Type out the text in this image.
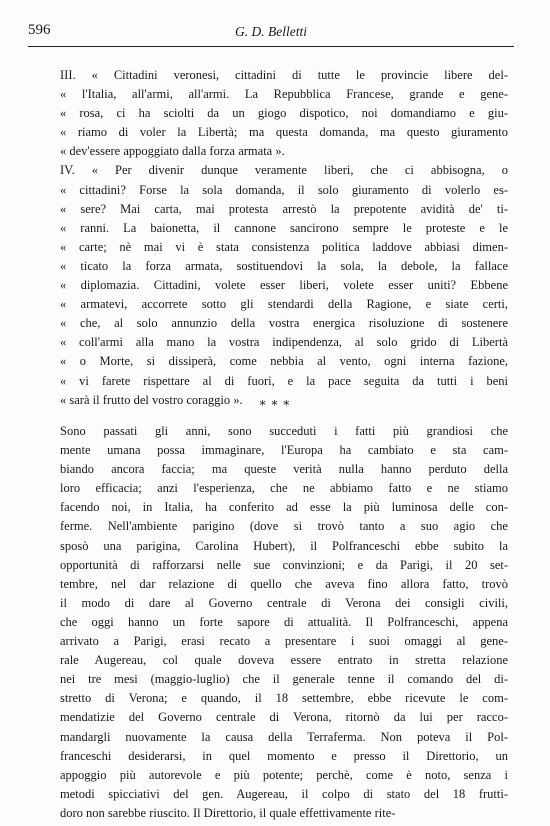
596	G. D. Belletti
III. « Cittadini veronesi, cittadini di tutte le provincie libere del-
« l'Italia, all'armi, all'armi. La Repubblica Francese, grande e gene-
« rosa, ci ha sciolti da un giogo dispotico, noi domandiamo e giu-
« riamo di voler la Libertà; ma questa domanda, ma questo giuramento
« dev'essere appoggiato dalla forza armata ».
IV. « Per divenir dunque veramente liberi, che ci abbisogna, o
« cittadini? Forse la sola domanda, il solo giuramento di volerlo es-
« sere? Mai carta, mai protesta arrestò la prepotente avidità de' ti-
« ranni. La baionetta, il cannone sancirono sempre le proteste e le
« carte; nè mai vi è stata consistenza politica laddove abbiasi dimen-
« ticato la forza armata, sostituendovi la sola, la debole, la fallace
« diplomazia. Cittadini, volete esser liberi, volete esser uniti? Ebbene
« armatevi, accorrete sotto gli stendardi della Ragione, e siate certi,
« che, al solo annunzio della vostra energica risoluzione di sostenere
« coll'armi alla mano la vostra indipendenza, al solo grido di Libertà
« o Morte, si dissiperà, come nebbia al vento, ogni interna fazione,
« vi farete rispettare al di fuori, e la pace seguita da tutti i beni
« sarà il frutto del vostro coraggio ».	* * *
Sono passati gli anni, sono succeduti i fatti più grandiosi che
mente umana possa immaginare, l'Europa ha cambiato e sta cam-
biando ancora faccia; ma queste verità nulla hanno perduto della
loro efficacia; anzi l'esperienza, che ne abbiamo fatto e ne stiamo
facendo noi, in Italia, ha conferito ad esse la più luminosa delle con-
ferme. Nell'ambiente parigino (dove si trovò tanto a suo agio che
sposò una parigina, Carolina Hubert), il Polfranceschi ebbe subito la
opportunità di rafforzarsi nelle sue convinzioni; e da Parigi, il 20 set-
tembre, nel dar relazione di quello che aveva fino allora fatto, trovò
il modo di dare al Governo centrale di Verona dei consigli civili,
che oggi hanno un forte sapore di attualità. Il Polfranceschi, appena
arrivato a Parigi, erasi recato a presentare i suoi omaggi al gene-
rale Augereau, col quale doveva essere entrato in stretta relazione
nei tre mesi (maggio-luglio) che il generale tenne il comando del di-
stretto di Verona; e quando, il 18 settembre, ebbe ricevute le com-
mendatizie del Governo centrale di Verona, ritornò da lui per racco-
mandargli nuovamente la causa della Terraferma. Non poteva il Pol-
franceschi desiderarsi, in quel momento e presso il Direttorio, un
appoggio più autorevole e più potente; perchè, come è noto, senza i
metodi spicciativi del gen. Augereau, il colpo di stato del 18 frutti-
doro non sarebbe riuscito. Il Direttorio, il quale effettivamente rite-
